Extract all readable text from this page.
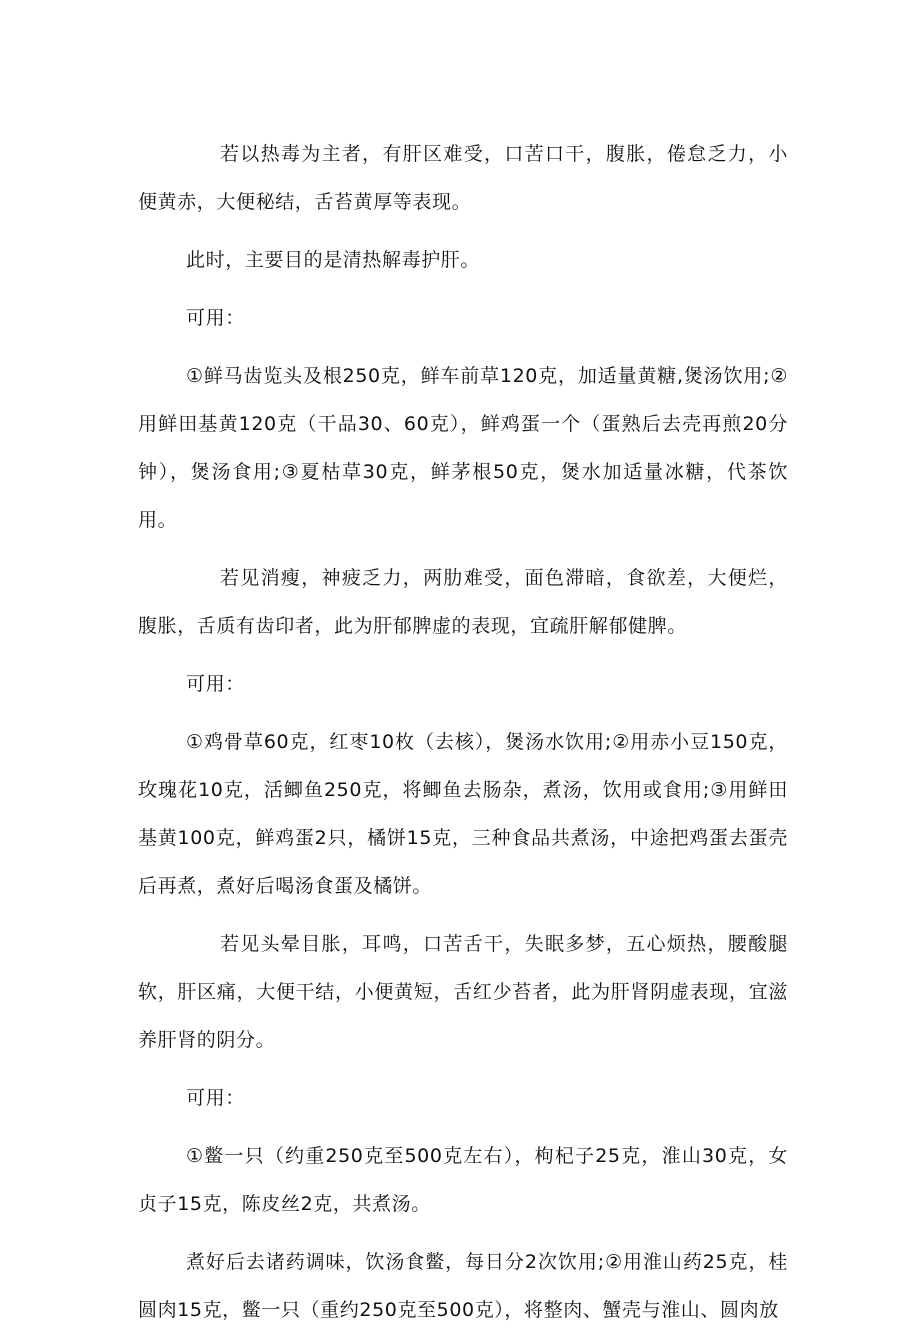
若以热毒为主者，有肝区难受，口苦口干，腹胀，倦怠乏力，小便黄赤，大便秘结，舌苔黄厚等表现。

此时，主要目的是清热解毒护肝。

可用：

①鲜马齿览头及根250克，鲜车前草120克，加适量黄糖,煲汤饮用;②用鲜田基黄120克（干品30、60克），鲜鸡蛋一个（蛋熟后去壳再煎20分钟），煲汤食用;③夏枯草30克，鲜茅根50克，煲水加适量冰糖，代茶饮用。

若见消瘦，神疲乏力，两肋难受，面色滞暗，食欲差，大便烂，腹胀，舌质有齿印者，此为肝郁脾虚的表现，宜疏肝解郁健脾。

可用：

①鸡骨草60克，红枣10枚（去核），煲汤水饮用;②用赤小豆150克，玫瑰花10克，活鲫鱼250克，将鲫鱼去肠杂，煮汤，饮用或食用;③用鲜田基黄100克，鲜鸡蛋2只，橘饼15克，三种食品共煮汤，中途把鸡蛋去蛋壳后再煮，煮好后喝汤食蛋及橘饼。

若见头晕目胀，耳鸣，口苦舌干，失眠多梦，五心烦热，腰酸腿软，肝区痛，大便干结，小便黄短，舌红少苔者，此为肝肾阴虚表现，宜滋养肝肾的阴分。

可用：

①鳖一只（约重250克至500克左右），枸杞子25克，淮山30克，女贞子15克，陈皮丝2克，共煮汤。

煮好后去诸药调味，饮汤食鳖，每日分2次饮用;②用淮山药25克，桂圆肉15克，鳖一只（重约250克至500克），将整肉、蟹壳与淮山、圆肉放
